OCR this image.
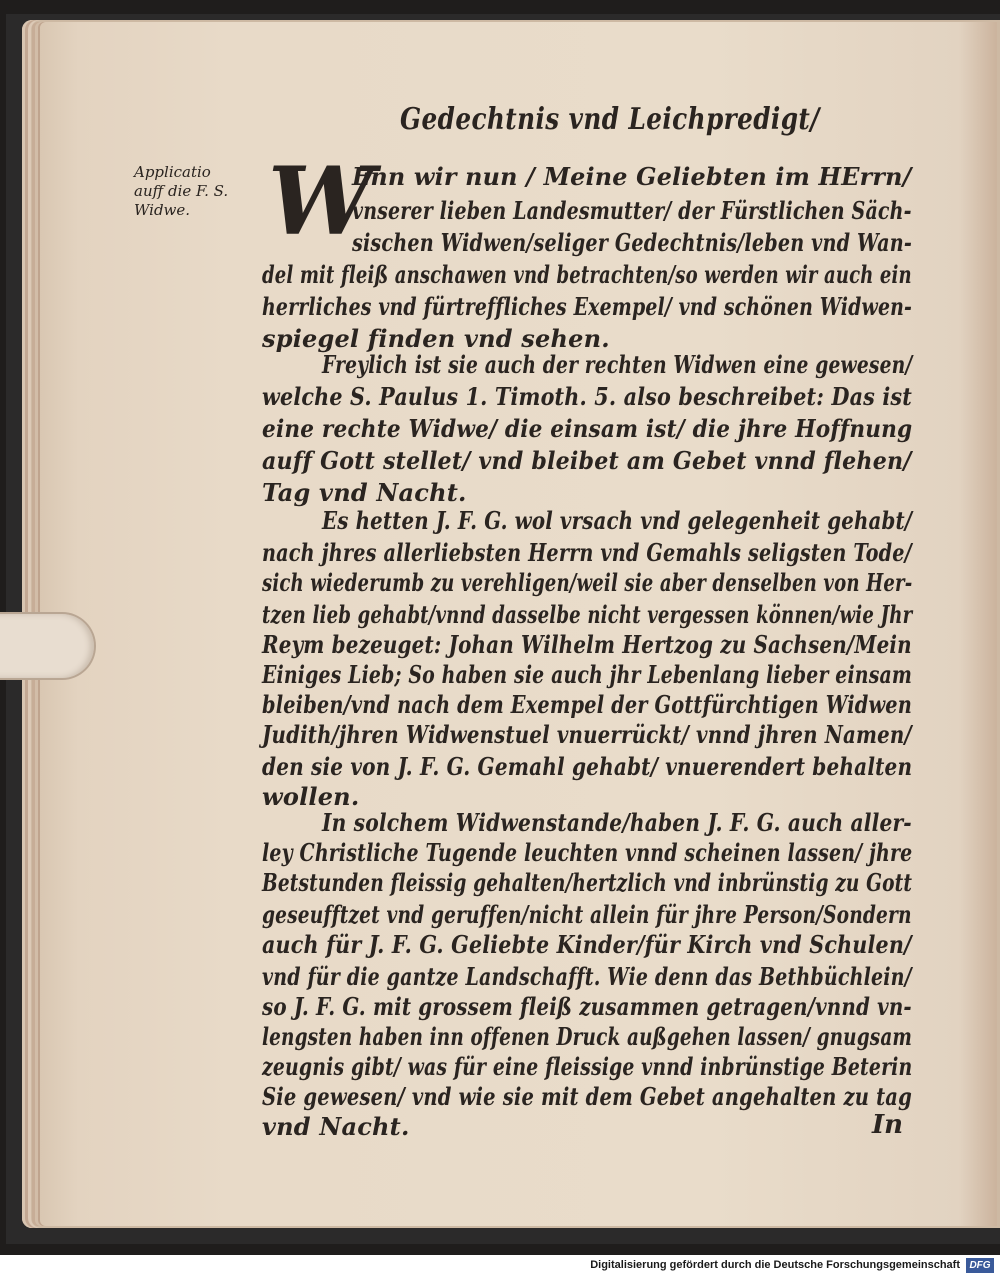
Gedechtnis vnd Leichpredigt/
Applicatio
auff die F. S.
Widwe. W
Enn wir nun / Meine Geliebten im HErrn/
vnserer lieben Landesmutter/ der Fürstlichen Säch-
sischen Widwen/seliger Gedechtnis/leben vnd Wan-
del mit fleiß anschawen vnd betrachten/so werden wir auch ein
herrliches vnd fürtreffliches Exempel/ vnd schönen Widwen-
spiegel finden vnd sehen.
Freylich ist sie auch der rechten Widwen eine gewesen/
welche S. Paulus 1. Timoth. 5. also beschreibet: Das ist
eine rechte Widwe/ die einsam ist/ die jhre Hoffnung
auff Gott stellet/ vnd bleibet am Gebet vnnd flehen/
Tag vnd Nacht.
Es hetten J. F. G. wol vrsach vnd gelegenheit gehabt/
nach jhres allerliebsten Herrn vnd Gemahls seligsten Tode/
sich wiederumb zu verehligen/weil sie aber denselben von Her-
tzen lieb gehabt/vnnd dasselbe nicht vergessen können/wie Jhr
Reym bezeuget: Johan Wilhelm Hertzog zu Sachsen/Mein
Einiges Lieb; So haben sie auch jhr Lebenlang lieber einsam
bleiben/vnd nach dem Exempel der Gottfürchtigen Widwen
Judith/jhren Widwenstuel vnuerrückt/ vnnd jhren Namen/
den sie von J. F. G. Gemahl gehabt/ vnuerendert behalten
wollen.
In solchem Widwenstande/haben J. F. G. auch aller-
ley Christliche Tugende leuchten vnnd scheinen lassen/ jhre
Betstunden fleissig gehalten/hertzlich vnd inbrünstig zu Gott
geseufftzet vnd geruffen/nicht allein für jhre Person/Sondern
auch für J. F. G. Geliebte Kinder/für Kirch vnd Schulen/
vnd für die gantze Landschafft. Wie denn das Bethbüchlein/
so J. F. G. mit grossem fleiß zusammen getragen/vnnd vn-
lengsten haben inn offenen Druck außgehen lassen/ gnugsam
zeugnis gibt/ was für eine fleissige vnnd inbrünstige Beterin
Sie gewesen/ vnd wie sie mit dem Gebet angehalten zu tag
vnd Nacht.	In
Digitalisierung gefördert durch die Deutsche Forschungsgemeinschaft DFG
